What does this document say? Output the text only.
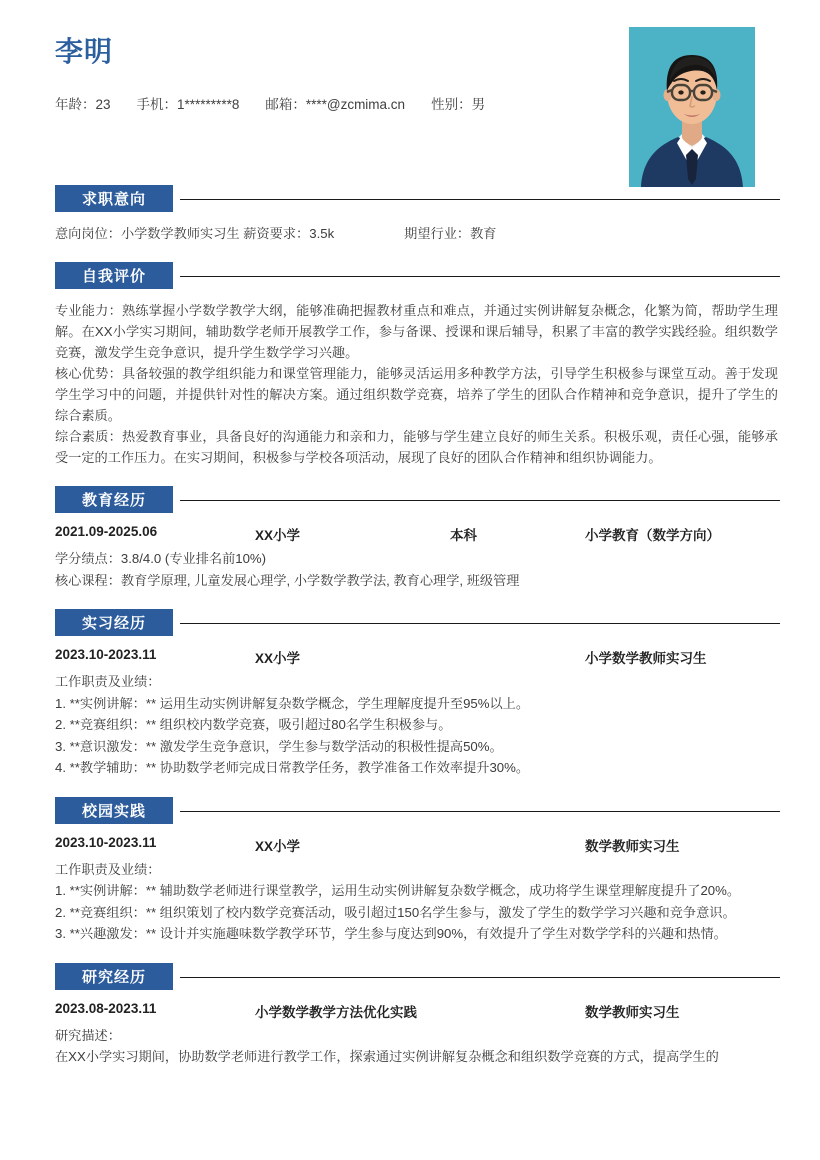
李明
年龄：23 手机：1*********8 邮箱：****@zcmima.cn 性别：男
求职意向
意向岗位：小学数学教师实习生 薪资要求：3.5k	期望行业：教育
自我评价

专业能力：熟练掌握小学数学教学大纲，能够准确把握教材重点和难点，并通过实例讲解复杂概念，化繁为简，帮助学生理解。在XX小学实习期间，辅助数学老师开展教学工作，参与备课、授课和课后辅导，积累了丰富的教学实践经验。组织数学竞赛，激发学生竞争意识，提升学生数学学习兴趣。

核心优势：具备较强的教学组织能力和课堂管理能力，能够灵活运用多种教学方法，引导学生积极参与课堂互动。善于发现学生学习中的问题，并提供针对性的解决方案。通过组织数学竞赛，培养了学生的团队合作精神和竞争意识，提升了学生的综合素质。

综合素质：热爱教育事业，具备良好的沟通能力和亲和力，能够与学生建立良好的师生关系。积极乐观，责任心强，能够承受一定的工作压力。在实习期间，积极参与学校各项活动，展现了良好的团队合作精神和组织协调能力。

教育经历
2021.09-2025.06	XX小学	本科	小学教育（数学方向）
学分绩点：3.8/4.0 (专业排名前10%)
核心课程：教育学原理, 儿童发展心理学, 小学数学教学法, 教育心理学, 班级管理
实习经历
2023.10-2023.11	XX小学	小学数学教师实习生
工作职责及业绩：
1. **实例讲解：** 运用生动实例讲解复杂数学概念，学生理解度提升至95%以上。
2. **竞赛组织：** 组织校内数学竞赛，吸引超过80名学生积极参与。
3. **意识激发：** 激发学生竞争意识，学生参与数学活动的积极性提高50%。
4. **教学辅助：** 协助数学老师完成日常教学任务，教学准备工作效率提升30%。
校园实践
2023.10-2023.11	XX小学	数学教师实习生
工作职责及业绩：
1. **实例讲解：** 辅助数学老师进行课堂教学，运用生动实例讲解复杂数学概念，成功将学生课堂理解度提升了20%。
2. **竞赛组织：** 组织策划了校内数学竞赛活动，吸引超过150名学生参与，激发了学生的数学学习兴趣和竞争意识。
3. **兴趣激发：** 设计并实施趣味数学教学环节，学生参与度达到90%，有效提升了学生对数学学科的兴趣和热情。
研究经历
2023.08-2023.11	小学数学教学方法优化实践	数学教师实习生
研究描述：
在XX小学实习期间，协助数学老师进行教学工作，探索通过实例讲解复杂概念和组织数学竞赛的方式，提高学生的
